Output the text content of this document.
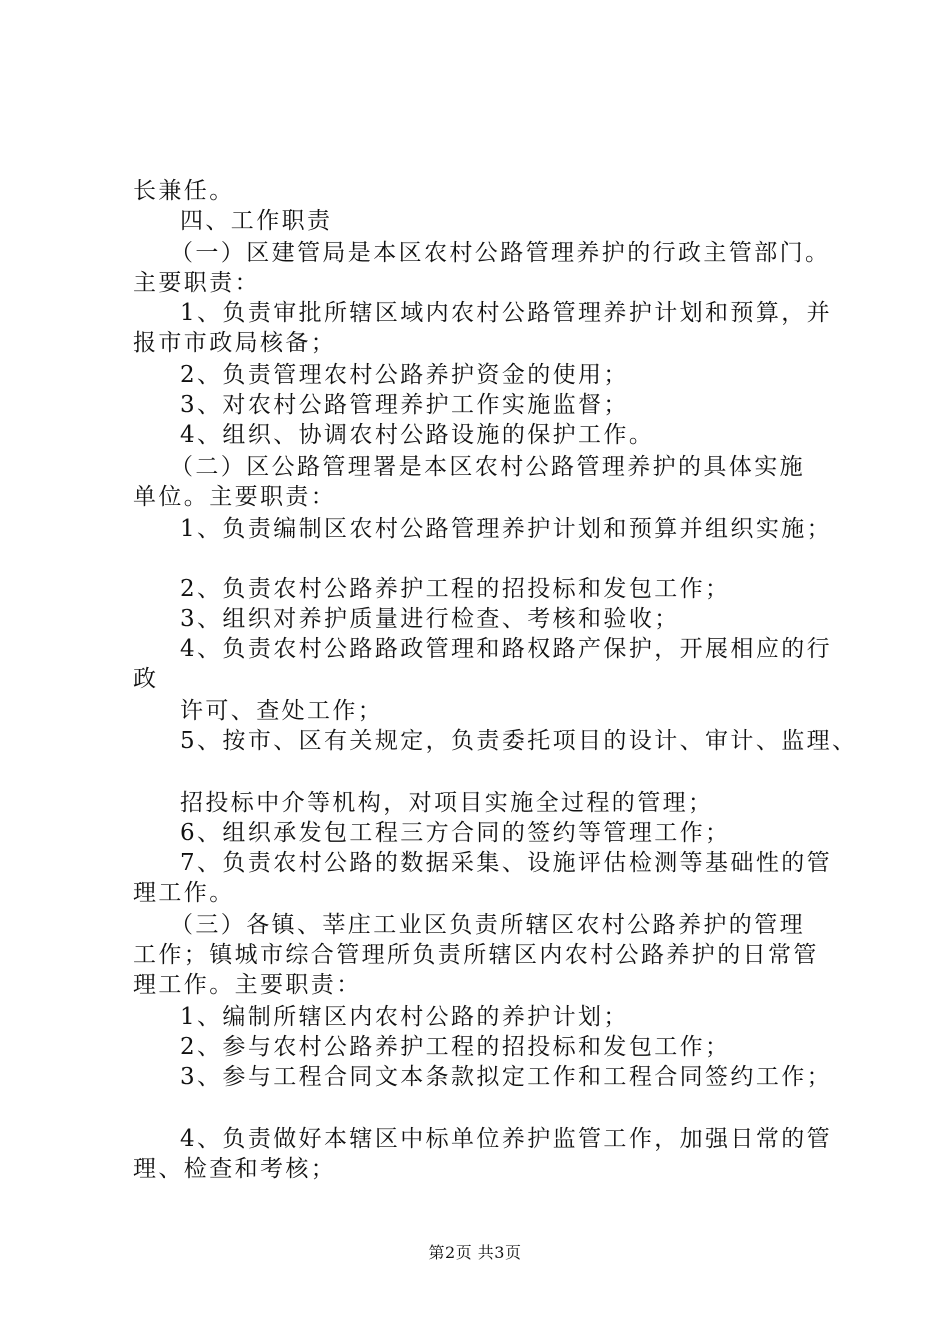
长兼任。
四、工作职责
（一）区建管局是本区农村公路管理养护的行政主管部门。
主要职责：
1、负责审批所辖区域内农村公路管理养护计划和预算，并
报市市政局核备；
2、负责管理农村公路养护资金的使用；
3、对农村公路管理养护工作实施监督；
4、组织、协调农村公路设施的保护工作。
（二）区公路管理署是本区农村公路管理养护的具体实施
单位。主要职责：
1、负责编制区农村公路管理养护计划和预算并组织实施；
2、负责农村公路养护工程的招投标和发包工作；
3、组织对养护质量进行检查、考核和验收；
4、负责农村公路路政管理和路权路产保护，开展相应的行
政
许可、查处工作；
5、按市、区有关规定，负责委托项目的设计、审计、监理、
招投标中介等机构，对项目实施全过程的管理；
6、组织承发包工程三方合同的签约等管理工作；
7、负责农村公路的数据采集、设施评估检测等基础性的管
理工作。
（三）各镇、莘庄工业区负责所辖区农村公路养护的管理
工作；镇城市综合管理所负责所辖区内农村公路养护的日常管
理工作。主要职责：
1、编制所辖区内农村公路的养护计划；
2、参与农村公路养护工程的招投标和发包工作；
3、参与工程合同文本条款拟定工作和工程合同签约工作；
4、负责做好本辖区中标单位养护监管工作，加强日常的管
理、检查和考核；
第2页 共3页
